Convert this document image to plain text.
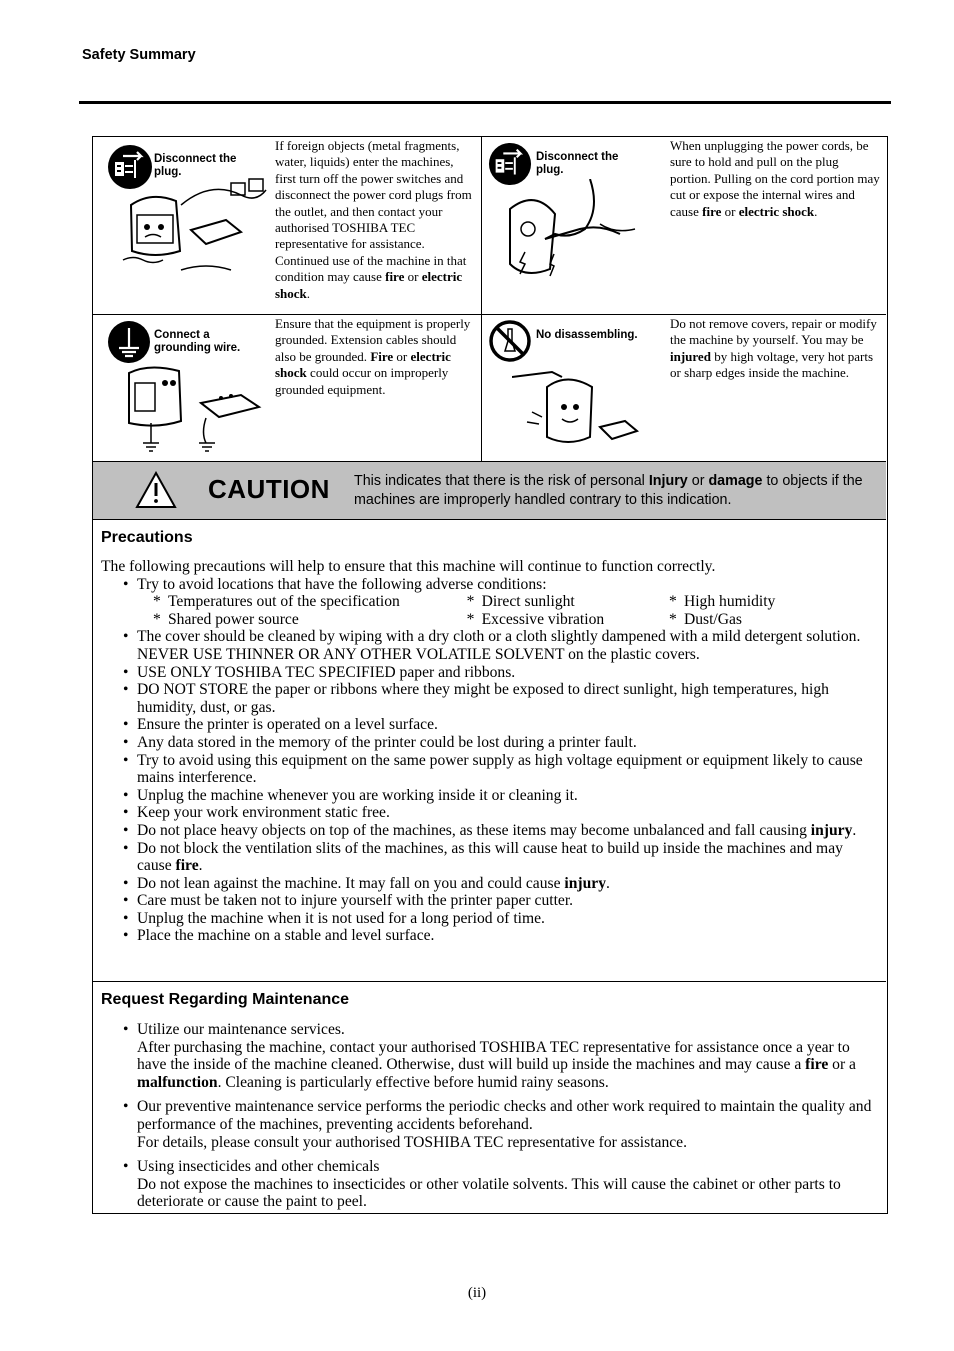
Safety Summary
Disconnect the plug.
If foreign objects (metal fragments, water, liquids) enter the machines, first turn off the power switches and disconnect the power cord plugs from the outlet, and then contact your authorised TOSHIBA TEC representative for assistance. Continued use of the machine in that condition may cause fire or electric shock.
Disconnect the plug.
When unplugging the power cords, be sure to hold and pull on the plug portion. Pulling on the cord portion may cut or expose the internal wires and cause fire or electric shock.
Connect a grounding wire.
Ensure that the equipment is properly grounded. Extension cables should also be grounded. Fire or electric shock could occur on improperly grounded equipment.
No disassembling.
Do not remove covers, repair or modify the machine by yourself. You may be injured by high voltage, very hot parts or sharp edges inside the machine.
CAUTION This indicates that there is the risk of personal Injury or damage to objects if the machines are improperly handled contrary to this indication.
Precautions
The following precautions will help to ensure that this machine will continue to function correctly.
• Try to avoid locations that have the following adverse conditions:
* Temperatures out of the specification	* Direct sunlight	* High humidity
* Shared power source	* Excessive vibration	* Dust/Gas
• The cover should be cleaned by wiping with a dry cloth or a cloth slightly dampened with a mild detergent solution. NEVER USE THINNER OR ANY OTHER VOLATILE SOLVENT on the plastic covers.
• USE ONLY TOSHIBA TEC SPECIFIED paper and ribbons.
• DO NOT STORE the paper or ribbons where they might be exposed to direct sunlight, high temperatures, high humidity, dust, or gas.
• Ensure the printer is operated on a level surface.
• Any data stored in the memory of the printer could be lost during a printer fault.
• Try to avoid using this equipment on the same power supply as high voltage equipment or equipment likely to cause mains interference.
• Unplug the machine whenever you are working inside it or cleaning it.
• Keep your work environment static free.
• Do not place heavy objects on top of the machines, as these items may become unbalanced and fall causing injury.
• Do not block the ventilation slits of the machines, as this will cause heat to build up inside the machines and may cause fire.
• Do not lean against the machine. It may fall on you and could cause injury.
• Care must be taken not to injure yourself with the printer paper cutter.
• Unplug the machine when it is not used for a long period of time.
• Place the machine on a stable and level surface.
Request Regarding Maintenance
• Utilize our maintenance services.
After purchasing the machine, contact your authorised TOSHIBA TEC representative for assistance once a year to have the inside of the machine cleaned. Otherwise, dust will build up inside the machines and may cause a fire or a malfunction. Cleaning is particularly effective before humid rainy seasons.
• Our preventive maintenance service performs the periodic checks and other work required to maintain the quality and performance of the machines, preventing accidents beforehand.
For details, please consult your authorised TOSHIBA TEC representative for assistance.
• Using insecticides and other chemicals
Do not expose the machines to insecticides or other volatile solvents. This will cause the cabinet or other parts to deteriorate or cause the paint to peel.
(ii)
